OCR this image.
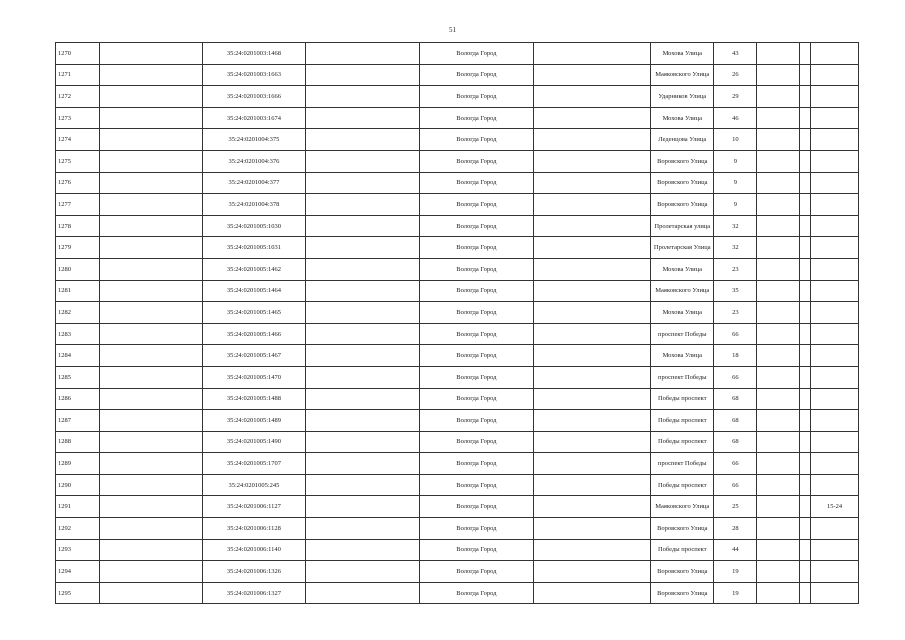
51
1270		35:24:0201003:1468		Вологда Город		Мохова Улица	43			
1271		35:24:0201003:1663		Вологда Город		Маяковского Улица	26			
1272		35:24:0201003:1666		Вологда Город		Ударников Улица	29			
1273		35:24:0201003:1674		Вологда Город		Мохова Улица	46			
1274		35:24:0201004:375		Вологда Город		Леденцова Улица	10			
1275		35:24:0201004:376		Вологда Город		Воровского Улица	9			
1276		35:24:0201004:377		Вологда Город		Воровского Улица	9			
1277		35:24:0201004:378		Вологда Город		Воровского Улица	9			
1278		35:24:0201005:1030		Вологда Город		Пролетарская улица	32			
1279		35:24:0201005:1031		Вологда Город		Пролетарская Улица	32			
1280		35:24:0201005:1462		Вологда Город		Мохова Улица	23			
1281		35:24:0201005:1464		Вологда Город		Маяковского Улица	35			
1282		35:24:0201005:1465		Вологда Город		Мохова Улица	23			
1283		35:24:0201005:1466		Вологда Город		проспект Победы	66			
1284		35:24:0201005:1467		Вологда Город		Мохова Улица	18			
1285		35:24:0201005:1470		Вологда Город		проспект Победы	66			
1286		35:24:0201005:1488		Вологда Город		Победы проспект	68			
1287		35:24:0201005:1489		Вологда Город		Победы проспект	68			
1288		35:24:0201005:1490		Вологда Город		Победы проспект	68			
1289		35:24:0201005:1707		Вологда Город		проспект Победы	66			
1290		35:24:0201005:245		Вологда Город		Победы проспект	66			
1291		35:24:0201006:1127		Вологда Город		Маяковского Улица	25			15-24
1292		35:24:0201006:1128		Вологда Город		Воровского Улица	28			
1293		35:24:0201006:1140		Вологда Город		Победы проспект	44			
1294		35:24:0201006:1326		Вологда Город		Воровского Улица	19			
1295		35:24:0201006:1327		Вологда Город		Воровского Улица	19			
